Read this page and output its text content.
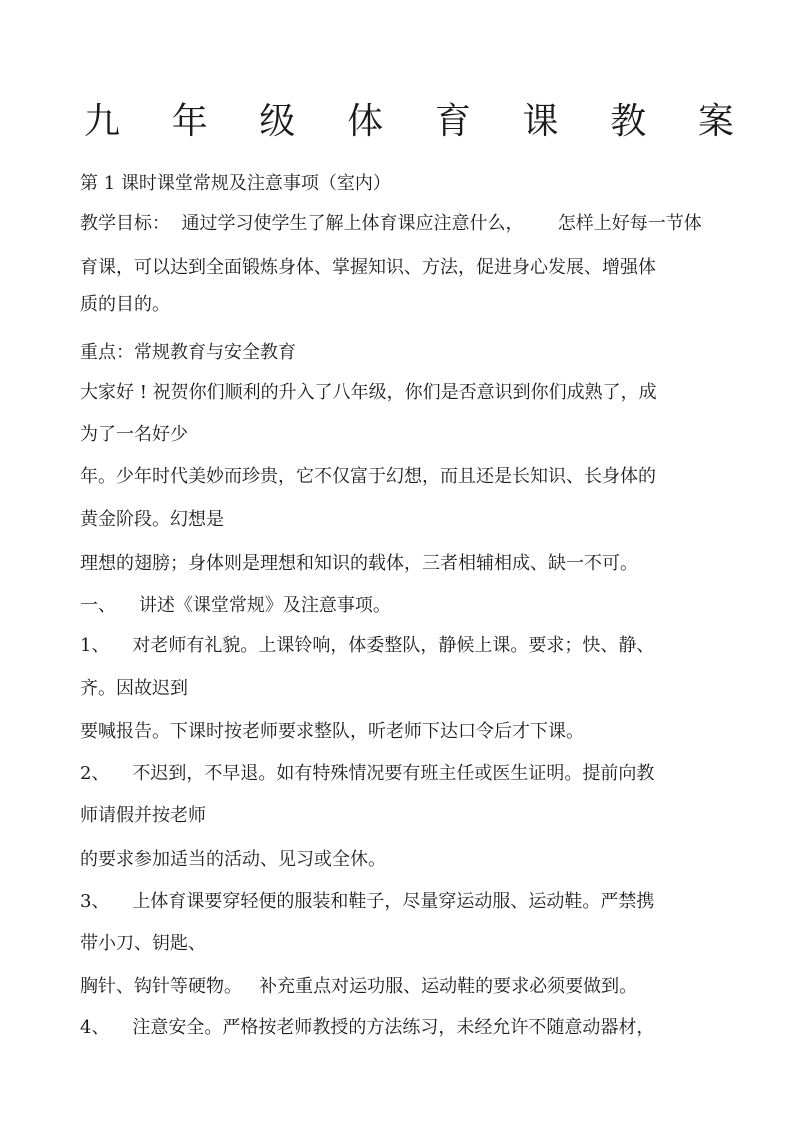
九 年 级 体 育 课 教 案
第 1 课时课堂常规及注意事项（室内）
教学目标：  通过学习使学生了解上体育课应注意什么，      怎样上好每一节体
育课，可以达到全面锻炼身体、掌握知识、方法，促进身心发展、增强体
质的目的。
重点：常规教育与安全教育
大家好 ! 祝贺你们顺利的升入了八年级，你们是否意识到你们成熟了，成
为了一名好少
年。少年时代美妙而珍贵，它不仅富于幻想，而且还是长知识、长身体的
黄金阶段。幻想是
理想的翅膀；身体则是理想和知识的载体，三者相辅相成、缺一不可。
一、    讲述《课堂常规》及注意事项。
1、    对老师有礼貌。上课铃响，体委整队，静候上课。要求；快、静、
齐。因故迟到
要喊报告。下课时按老师要求整队，听老师下达口令后才下课。
2、    不迟到，不早退。如有特殊情况要有班主任或医生证明。提前向教
师请假并按老师
的要求参加适当的活动、见习或全休。
3、    上体育课要穿轻便的服装和鞋子，尽量穿运动服、运动鞋。严禁携
带小刀、钥匙、
胸针、钩针等硬物。   补充重点对运功服、运动鞋的要求必须要做到。
4、    注意安全。严格按老师教授的方法练习，未经允许不随意动器材，
